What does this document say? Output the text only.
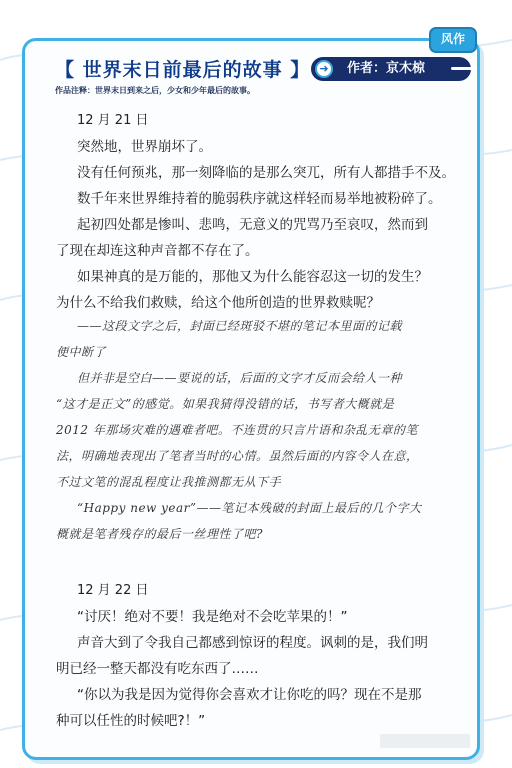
风作
【 世界末日前最后的故事 】 ➜	作者：京木椋
作品注释：世界末日到来之后，少女和少年最后的故事。
12 月 21 日
突然地，世界崩坏了。
没有任何预兆，那一刻降临的是那么突兀，所有人都措手不及。
数千年来世界维持着的脆弱秩序就这样轻而易举地被粉碎了。
起初四处都是惨叫、悲鸣，无意义的咒骂乃至哀叹，然而到
了现在却连这种声音都不存在了。
如果神真的是万能的，那他又为什么能容忍这一切的发生？
为什么不给我们救赎，给这个他所创造的世界救赎呢？
——这段文字之后，封面已经斑驳不堪的笔记本里面的记载
便中断了
但并非是空白——要说的话，后面的文字才反而会给人一种
“这才是正文”的感觉。如果我猜得没错的话，书写者大概就是
2012 年那场灾难的遇难者吧。不连贯的只言片语和杂乱无章的笔
法，明确地表现出了笔者当时的心情。虽然后面的内容令人在意，
不过文笔的混乱程度让我推测都无从下手
“Happy new year”——笔记本残破的封面上最后的几个字大
概就是笔者残存的最后一丝理性了吧?
12 月 22 日
“讨厌！绝对不要！我是绝对不会吃苹果的！”
声音大到了令我自己都感到惊讶的程度。讽刺的是，我们明
明已经一整天都没有吃东西了……
“你以为我是因为觉得你会喜欢才让你吃的吗？现在不是那
种可以任性的时候吧?！”
